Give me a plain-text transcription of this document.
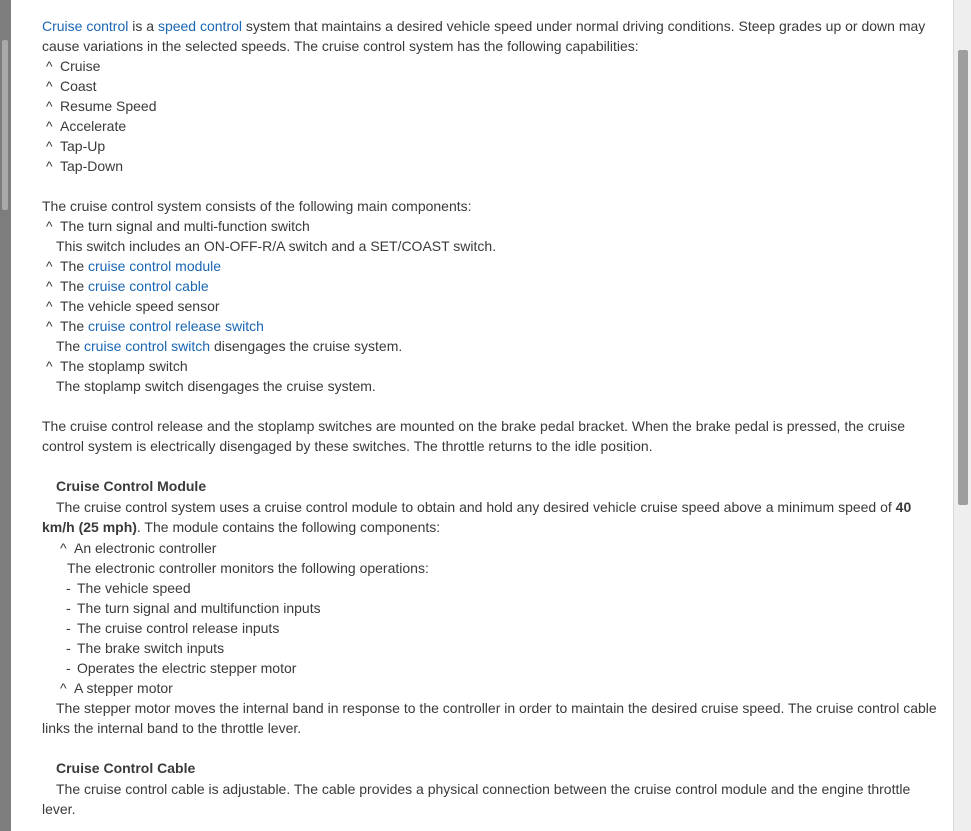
Cruise control is a speed control system that maintains a desired vehicle speed under normal driving conditions. Steep grades up or down may cause variations in the selected speeds. The cruise control system has the following capabilities:

^ Cruise
^ Coast
^ Resume Speed
^ Accelerate
^ Tap-Up
^ Tap-Down

The cruise control system consists of the following main components:

^ The turn signal and multi-function switch
This switch includes an ON-OFF-R/A switch and a SET/COAST switch.
^ The cruise control module
^ The cruise control cable
^ The vehicle speed sensor
^ The cruise control release switch
The cruise control switch disengages the cruise system.
^ The stoplamp switch
The stoplamp switch disengages the cruise system.

The cruise control release and the stoplamp switches are mounted on the brake pedal bracket. When the brake pedal is pressed, the cruise control system is electrically disengaged by these switches. The throttle returns to the idle position.

Cruise Control Module

The cruise control system uses a cruise control module to obtain and hold any desired vehicle cruise speed above a minimum speed of 40 km/h (25 mph). The module contains the following components:

^ An electronic controller
The electronic controller monitors the following operations:
- The vehicle speed
- The turn signal and multifunction inputs
- The cruise control release inputs
- The brake switch inputs
- Operates the electric stepper motor
^ A stepper motor

The stepper motor moves the internal band in response to the controller in order to maintain the desired cruise speed. The cruise control cable links the internal band to the throttle lever.

Cruise Control Cable

The cruise control cable is adjustable. The cable provides a physical connection between the cruise control module and the engine throttle lever.
